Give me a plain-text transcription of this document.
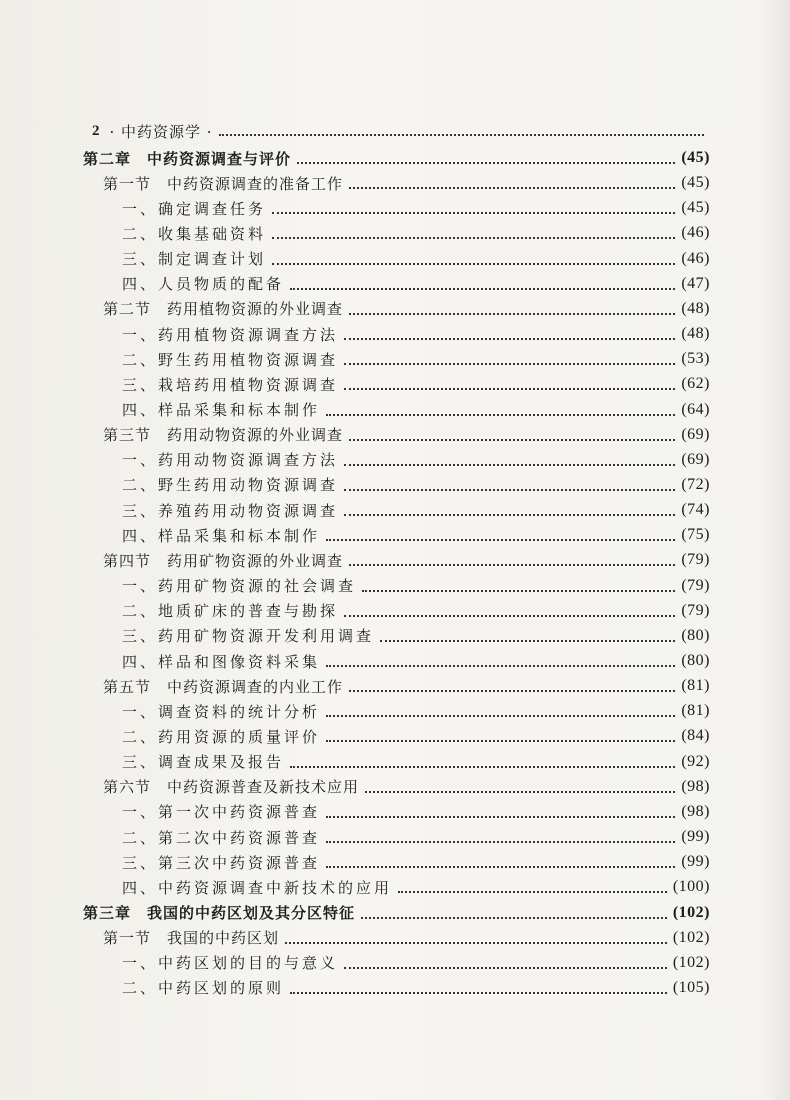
2 · 中药资源学 ·
第二章　中药资源调查与评价	(45)
第一节　中药资源调查的准备工作	(45)
一、确定调查任务	(45)
二、收集基础资料	(46)
三、制定调查计划	(46)
四、人员物质的配备	(47)
第二节　药用植物资源的外业调查	(48)
一、药用植物资源调查方法	(48)
二、野生药用植物资源调查	(53)
三、栽培药用植物资源调查	(62)
四、样品采集和标本制作	(64)
第三节　药用动物资源的外业调查	(69)
一、药用动物资源调查方法	(69)
二、野生药用动物资源调查	(72)
三、养殖药用动物资源调查	(74)
四、样品采集和标本制作	(75)
第四节　药用矿物资源的外业调查	(79)
一、药用矿物资源的社会调查	(79)
二、地质矿床的普查与勘探	(79)
三、药用矿物资源开发利用调查	(80)
四、样品和图像资料采集	(80)
第五节　中药资源调查的内业工作	(81)
一、调查资料的统计分析	(81)
二、药用资源的质量评价	(84)
三、调查成果及报告	(92)
第六节　中药资源普查及新技术应用	(98)
一、第一次中药资源普查	(98)
二、第二次中药资源普查	(99)
三、第三次中药资源普查	(99)
四、中药资源调查中新技术的应用	(100)
第三章　我国的中药区划及其分区特征	(102)
第一节　我国的中药区划	(102)
一、中药区划的目的与意义	(102)
二、中药区划的原则	(105)
